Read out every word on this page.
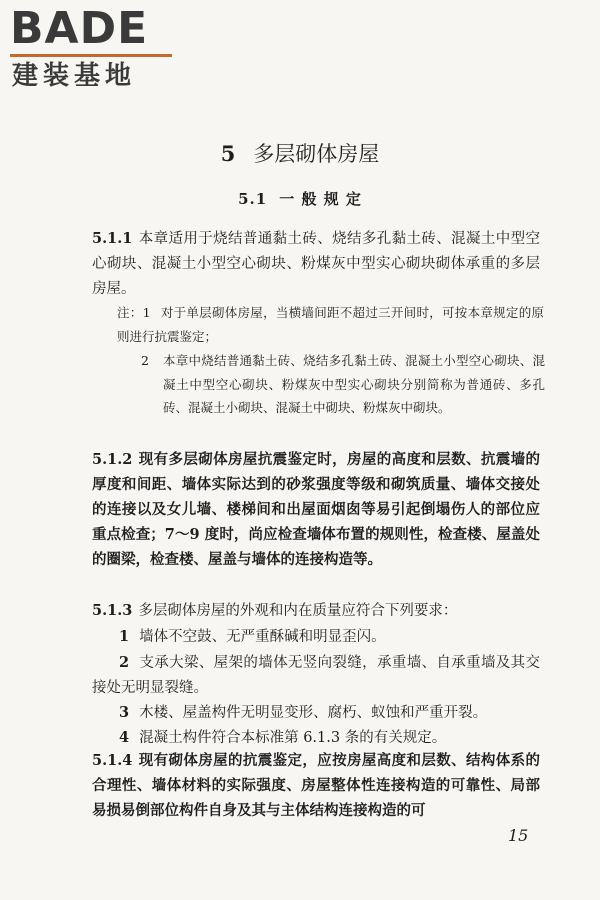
BADE
建装基地
5 多层砌体房屋
5.1 一 般 规 定
5.1.1 本章适用于烧结普通黏土砖、烧结多孔黏土砖、混凝土中型空心砌块、混凝土小型空心砌块、粉煤灰中型实心砌块砌体承重的多层房屋。
注：1 对于单层砌体房屋，当横墙间距不超过三开间时，可按本章规定的原则进行抗震鉴定；
2 本章中烧结普通黏土砖、烧结多孔黏土砖、混凝土小型空心砌块、混凝土中型空心砌块、粉煤灰中型实心砌块分别简称为普通砖、多孔砖、混凝土小砌块、混凝土中砌块、粉煤灰中砌块。
5.1.2 现有多层砌体房屋抗震鉴定时，房屋的高度和层数、抗震墙的厚度和间距、墙体实际达到的砂浆强度等级和砌筑质量、墙体交接处的连接以及女儿墙、楼梯间和出屋面烟囱等易引起倒塌伤人的部位应重点检查；7～9 度时，尚应检查墙体布置的规则性，检查楼、屋盖处的圈梁，检查楼、屋盖与墙体的连接构造等。
5.1.3 多层砌体房屋的外观和内在质量应符合下列要求：
1 墙体不空鼓、无严重酥碱和明显歪闪。
2 支承大梁、屋架的墙体无竖向裂缝，承重墙、自承重墙及其交接处无明显裂缝。
3 木楼、屋盖构件无明显变形、腐朽、蚁蚀和严重开裂。
4 混凝土构件符合本标准第 6.1.3 条的有关规定。
5.1.4 现有砌体房屋的抗震鉴定，应按房屋高度和层数、结构体系的合理性、墙体材料的实际强度、房屋整体性连接构造的可靠性、局部易损易倒部位构件自身及其与主体结构连接构造的可
15
